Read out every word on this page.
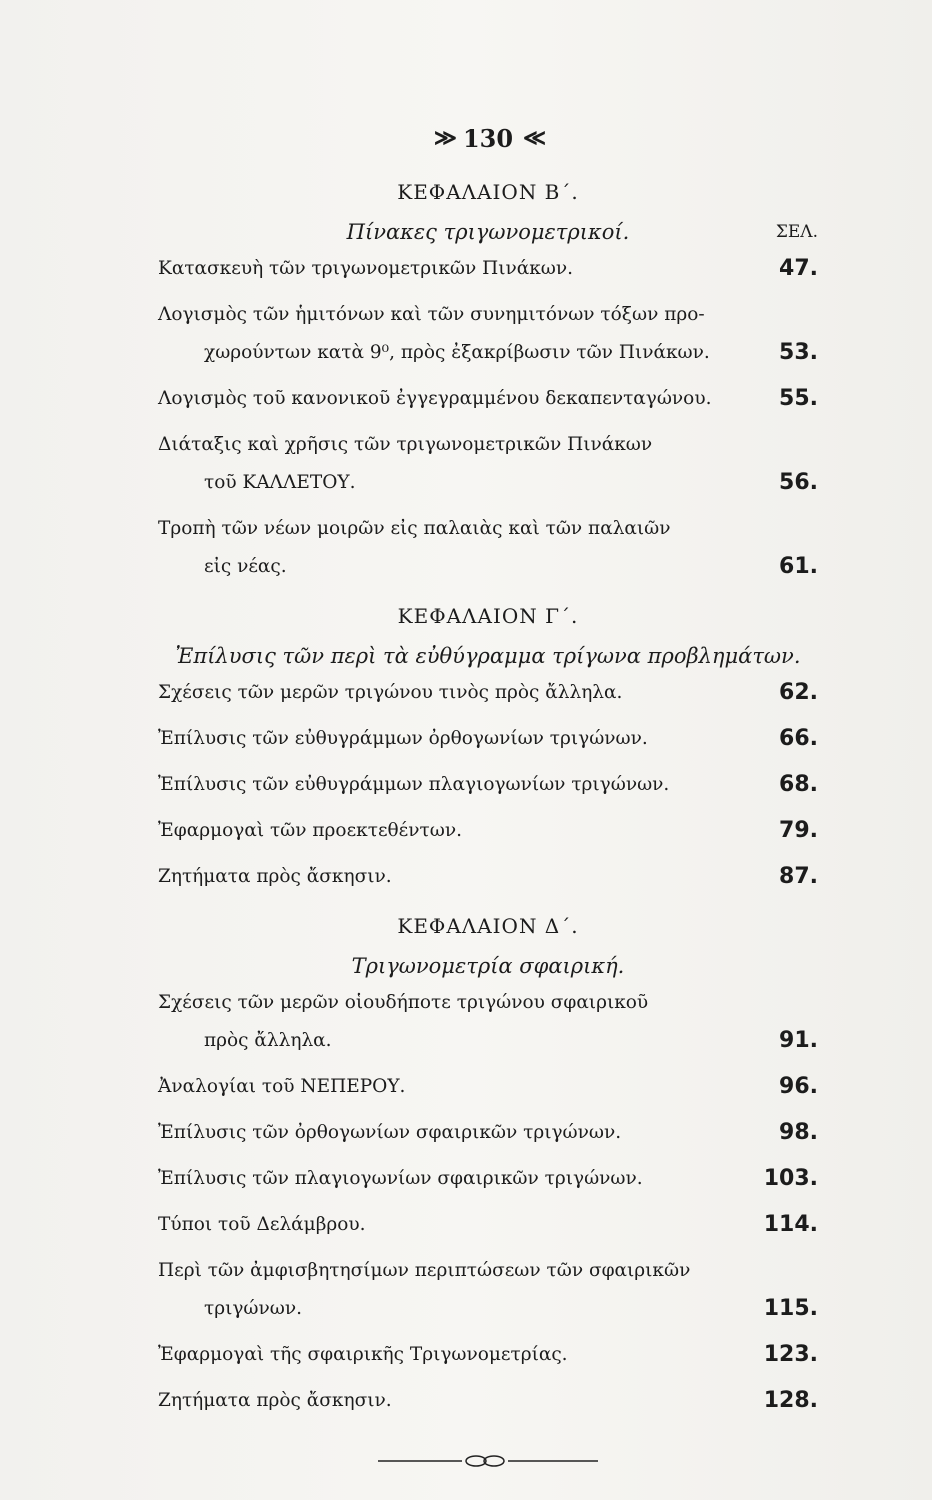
≫ 130 ≪
ΚΕΦΑΛΑΙΟΝ Β΄.
Πίνακες τριγωνομετρικοί.	ΣΕΛ.
Κατασκευὴ τῶν τριγωνομετρικῶν Πινάκων.	47.
Λογισμὸς τῶν ἡμιτόνων καὶ τῶν συνημιτόνων τόξων προ-
χωρούντων κατὰ 9⁰, πρὸς ἐξακρίβωσιν τῶν Πινάκων.	53.
Λογισμὸς τοῦ κανονικοῦ ἐγγεγραμμένου δεκαπενταγώνου.	55.
Διάταξις καὶ χρῆσις τῶν τριγωνομετρικῶν Πινάκων
τοῦ ΚΑΛΛΕΤΟΥ.	56.
Τροπὴ τῶν νέων μοιρῶν εἰς παλαιὰς καὶ τῶν παλαιῶν
εἰς νέας.	61.
ΚΕΦΑΛΑΙΟΝ Γ΄.
Ἐπίλυσις τῶν περὶ τὰ εὐθύγραμμα τρίγωνα προβλημάτων.
Σχέσεις τῶν μερῶν τριγώνου τινὸς πρὸς ἄλληλα.	62.
Ἐπίλυσις τῶν εὐθυγράμμων ὀρθογωνίων τριγώνων.	66.
Ἐπίλυσις τῶν εὐθυγράμμων πλαγιογωνίων τριγώνων.	68.
Ἐφαρμογαὶ τῶν προεκτεθέντων.	79.
Ζητήματα πρὸς ἄσκησιν.	87.
ΚΕΦΑΛΑΙΟΝ Δ΄.
Τριγωνομετρία σφαιρική.
Σχέσεις τῶν μερῶν οἱουδήποτε τριγώνου σφαιρικοῦ
πρὸς ἄλληλα.	91.
Ἀναλογίαι τοῦ ΝΕΠΕΡΟΥ.	96.
Ἐπίλυσις τῶν ὀρθογωνίων σφαιρικῶν τριγώνων.	98.
Ἐπίλυσις τῶν πλαγιογωνίων σφαιρικῶν τριγώνων.	103.
Τύποι τοῦ Δελάμβρου.	114.
Περὶ τῶν ἀμφισβητησίμων περιπτώσεων τῶν σφαιρικῶν
τριγώνων.	115.
Ἐφαρμογαὶ τῆς σφαιρικῆς Τριγωνομετρίας.	123.
Ζητήματα πρὸς ἄσκησιν.	128.
